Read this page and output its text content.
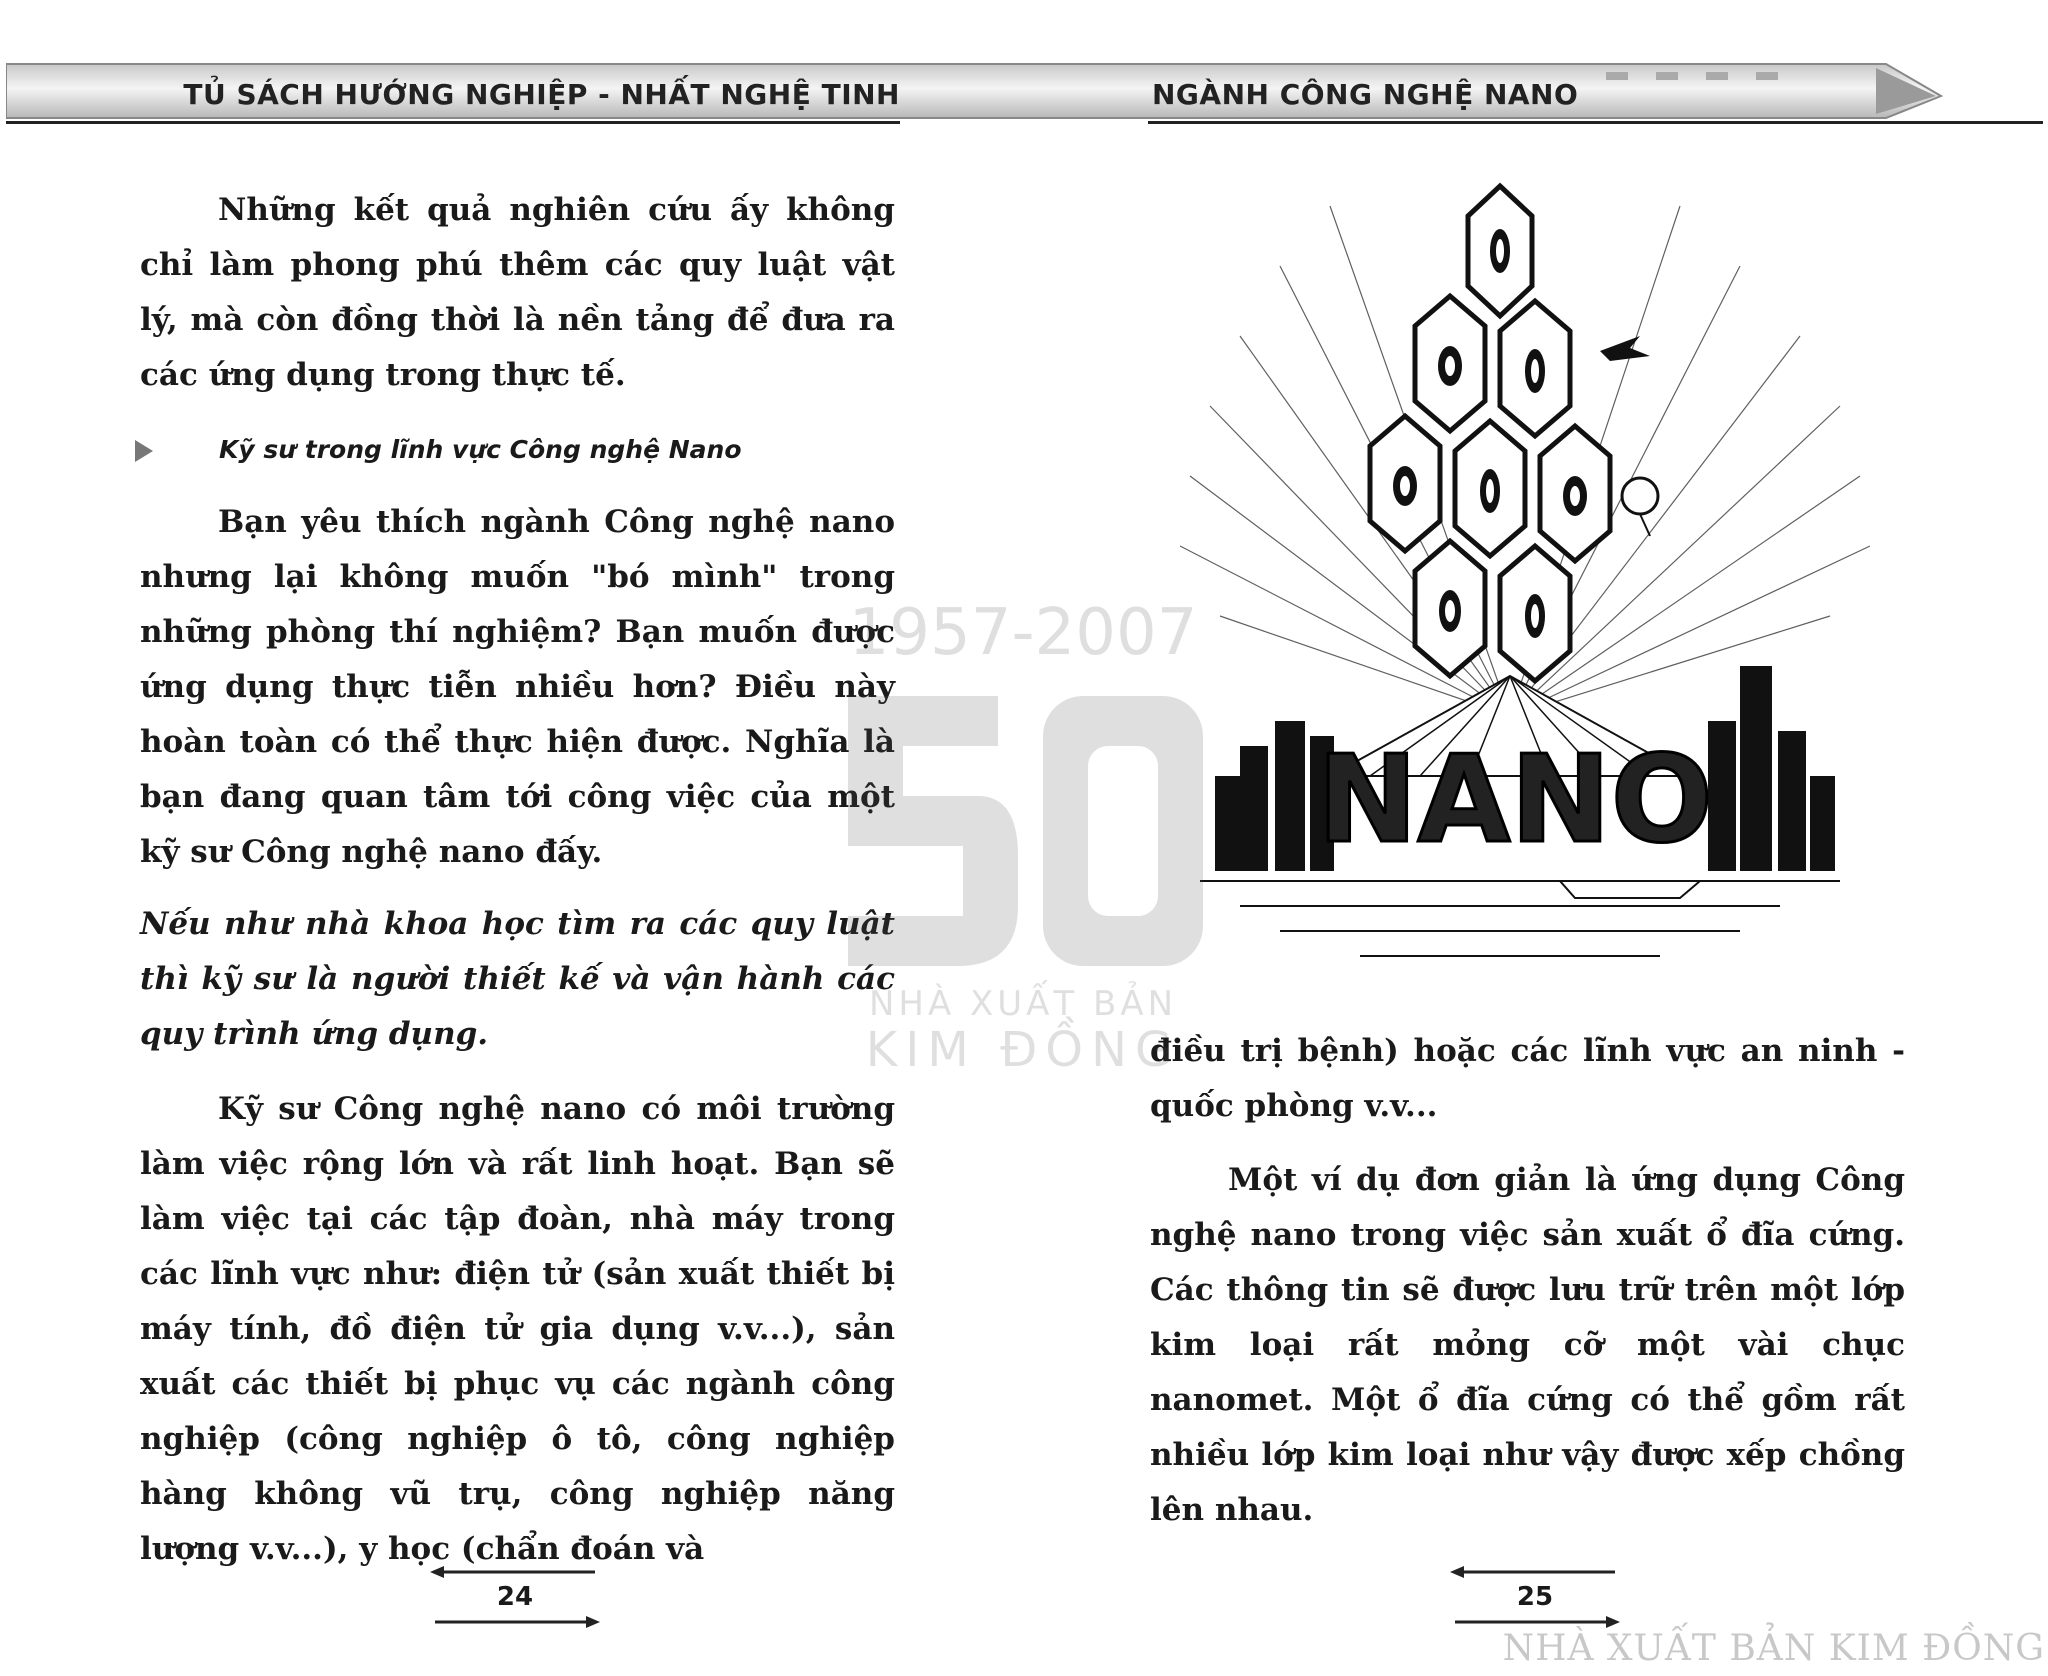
TỦ SÁCH HƯỚNG NGHIỆP - NHẤT NGHỆ TINH	NGÀNH CÔNG NGHỆ NANO

Những kết quả nghiên cứu ấy không chỉ làm phong phú thêm các quy luật vật lý, mà còn đồng thời là nền tảng để đưa ra các ứng dụng trong thực tế.

Kỹ sư trong lĩnh vực Công nghệ Nano

Bạn yêu thích ngành Công nghệ nano nhưng lại không muốn "bó mình" trong những phòng thí nghiệm? Bạn muốn được ứng dụng thực tiễn nhiều hơn? Điều này hoàn toàn có thể thực hiện được. Nghĩa là bạn đang quan tâm tới công việc của một kỹ sư Công nghệ nano đấy.

Nếu như nhà khoa học tìm ra các quy luật thì kỹ sư là người thiết kế và vận hành các quy trình ứng dụng.

Kỹ sư Công nghệ nano có môi trường làm việc rộng lớn và rất linh hoạt. Bạn sẽ làm việc tại các tập đoàn, nhà máy trong các lĩnh vực như: điện tử (sản xuất thiết bị máy tính, đồ điện tử gia dụng v.v...), sản xuất các thiết bị phục vụ các ngành công nghiệp (công nghiệp ô tô, công nghiệp hàng không vũ trụ, công nghiệp năng lượng v.v...), y học (chẩn đoán và

24
NANO

điều trị bệnh) hoặc các lĩnh vực an ninh - quốc phòng v.v...

Một ví dụ đơn giản là ứng dụng Công nghệ nano trong việc sản xuất ổ đĩa cứng. Các thông tin sẽ được lưu trữ trên một lớp kim loại rất mỏng cỡ một vài chục nanomet. Một ổ đĩa cứng có thể gồm rất nhiều lớp kim loại như vậy được xếp chồng lên nhau.

25
1957-2007
NHÀ XUẤT BẢN
KIM ĐỒNG
NHÀ XUẤT BẢN KIM ĐỒNG
